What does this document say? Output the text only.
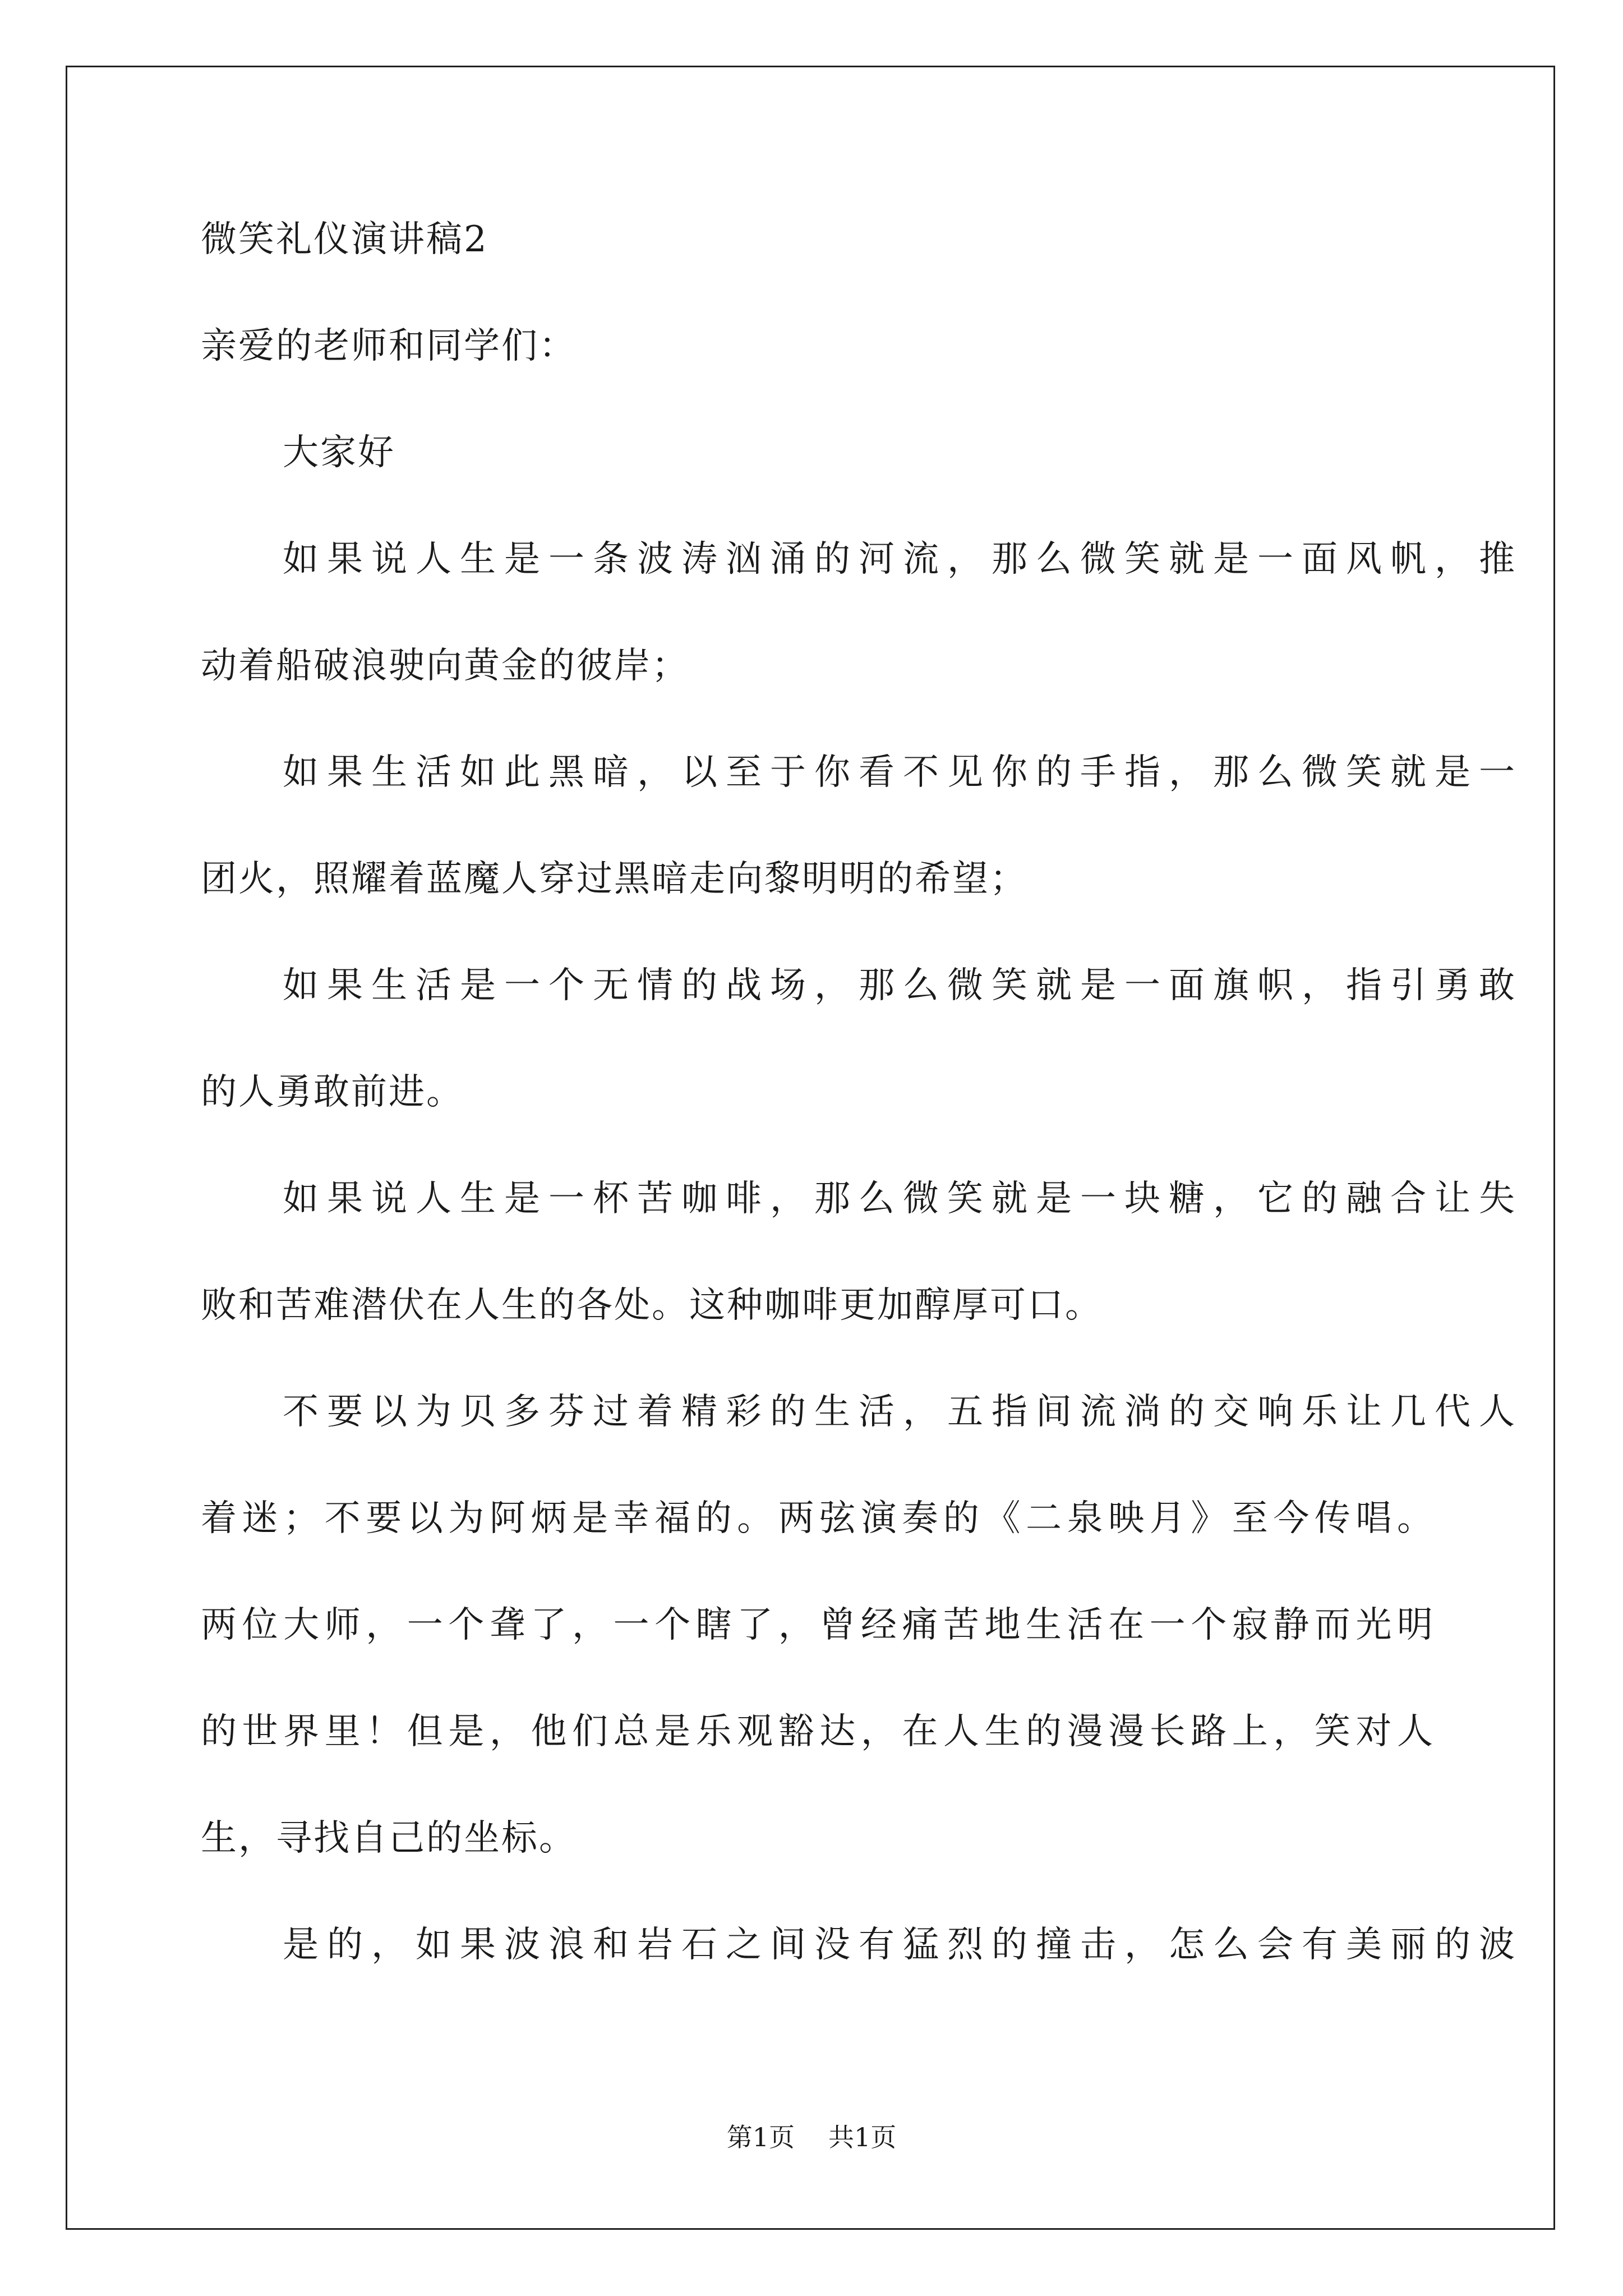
微笑礼仪演讲稿2

亲爱的老师和同学们：

大家好

如果说人生是一条波涛汹涌的河流，那么微笑就是一面风帆，推

动着船破浪驶向黄金的彼岸；

如果生活如此黑暗，以至于你看不见你的手指，那么微笑就是一

团火，照耀着蓝魔人穿过黑暗走向黎明明的希望；

如果生活是一个无情的战场，那么微笑就是一面旗帜，指引勇敢

的人勇敢前进。

如果说人生是一杯苦咖啡，那么微笑就是一块糖，它的融合让失

败和苦难潜伏在人生的各处。这种咖啡更加醇厚可口。

不要以为贝多芬过着精彩的生活，五指间流淌的交响乐让几代人

着迷；不要以为阿炳是幸福的。两弦演奏的《二泉映月》至今传唱。

两位大师，一个聋了，一个瞎了，曾经痛苦地生活在一个寂静而光明

的世界里！但是，他们总是乐观豁达，在人生的漫漫长路上，笑对人

生，寻找自己的坐标。

是的，如果波浪和岩石之间没有猛烈的撞击，怎么会有美丽的波

第1页 共1页
